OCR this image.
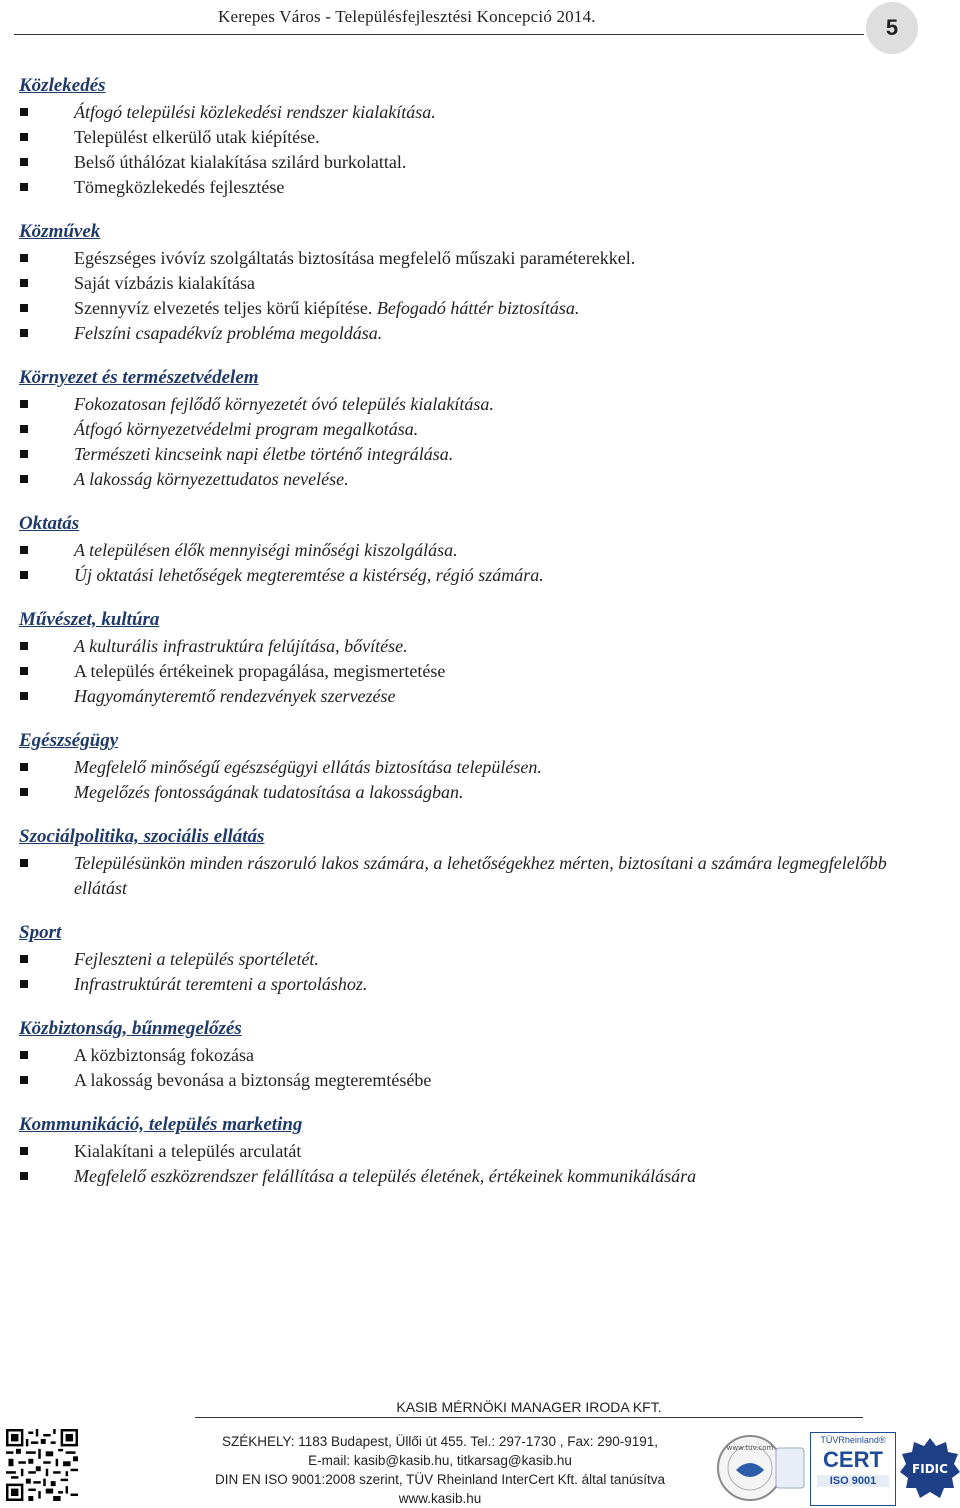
Kerepes Város - Településfejlesztési Koncepció 2014.	5
Közlekedés
Átfogó települési közlekedési rendszer kialakítása.
Települést elkerülő utak kiépítése.
Belső úthálózat kialakítása szilárd burkolattal.
Tömegközlekedés fejlesztése
Közművek
Egészséges ivóvíz szolgáltatás biztosítása megfelelő műszaki paraméterekkel.
Saját vízbázis kialakítása
Szennyvíz elvezetés teljes körű kiépítése. Befogadó háttér biztosítása.
Felszíni csapadékvíz probléma megoldása.
Környezet és természetvédelem
Fokozatosan fejlődő környezetét óvó település kialakítása.
Átfogó környezetvédelmi program megalkotása.
Természeti kincseink napi életbe történő integrálása.
A lakosság környezettudatos nevelése.
Oktatás
A településen élők mennyiségi minőségi kiszolgálása.
Új oktatási lehetőségek megteremtése a kistérség, régió számára.
Művészet, kultúra
A kulturális infrastruktúra felújítása, bővítése.
A település értékeinek propagálása, megismertetése
Hagyományteremtő rendezvények szervezése
Egészségügy
Megfelelő minőségű egészségügyi ellátás biztosítása településen.
Megelőzés fontosságának tudatosítása a lakosságban.
Szociálpolitika, szociális ellátás
Településünkön minden rászoruló lakos számára, a lehetőségekhez mérten, biztosítani a számára legmegfelelőbb ellátást
Sport
Fejleszteni a település sportéletét.
Infrastruktúrát teremteni a sportoláshoz.
Közbiztonság, bűnmegelőzés
A közbiztonság fokozása
A lakosság bevonása a biztonság megteremtésébe
Kommunikáció, település marketing
Kialakítani a település arculatát
Megfelelő eszközrendszer felállítása a település életének, értékeinek kommunikálására
KASIB MÉRNÖKI MANAGER IRODA KFT.
SZÉKHELY: 1183 Budapest, Üllői út 455. Tel.: 297-1730 , Fax: 290-9191,
E-mail: kasib@kasib.hu, titkarsag@kasib.hu
DIN EN ISO 9001:2008 szerint, TÜV Rheinland InterCert Kft. által tanúsítva
www.kasib.hu
www.tuv.com
TÜVRheinland®
CERT
ISO 9001
FIDIC
